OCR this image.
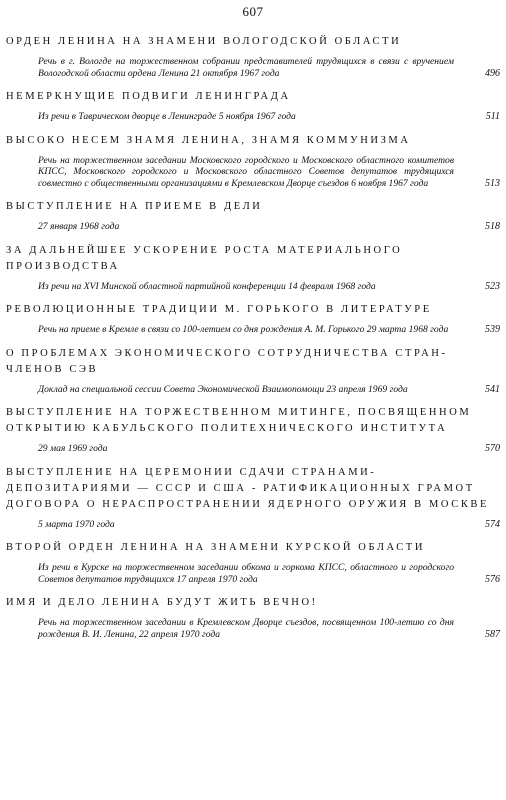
607
ОРДЕН ЛЕНИНА НА ЗНАМЕНИ ВОЛОГОДСКОЙ ОБЛАСТИ
Речь в г. Вологде на торжественном собрании представителей трудящихся в связи с вручением Вологодской области ордена Ленина 21 октября 1967 года	496
НЕМЕРКНУЩИЕ ПОДВИГИ ЛЕНИНГРАДА
Из речи в Таврическом дворце в Ленинграде 5 ноября 1967 года	511
ВЫСОКО НЕСЕМ ЗНАМЯ ЛЕНИНА, ЗНАМЯ КОММУНИЗМА
Речь на торжественном заседании Московского городского и Московского областного комитетов КПСС, Московского городского и Московского областного Советов депутатов трудящихся совместно с общественными организациями в Кремлевском Дворце съездов 6 ноября 1967 года	513
ВЫСТУПЛЕНИЕ НА ПРИЕМЕ В ДЕЛИ
27 января 1968 года	518
ЗА ДАЛЬНЕЙШЕЕ УСКОРЕНИЕ РОСТА МАТЕРИАЛЬНОГО ПРОИЗВОДСТВА
Из речи на XVI Минской областной партийной конференции 14 февраля 1968 года	523
РЕВОЛЮЦИОННЫЕ ТРАДИЦИИ М. ГОРЬКОГО В ЛИТЕРАТУРЕ
Речь на приеме в Кремле в связи со 100-летием со дня рождения А. М. Горького 29 марта 1968 года	539
О ПРОБЛЕМАХ ЭКОНОМИЧЕСКОГО СОТРУДНИЧЕСТВА СТРАН-ЧЛЕНОВ СЭВ
Доклад на специальной сессии Совета Экономической Взаимопомощи 23 апреля 1969 года	541
ВЫСТУПЛЕНИЕ НА ТОРЖЕСТВЕННОМ МИТИНГЕ, ПОСВЯЩЕННОМ ОТКРЫТИЮ КАБУЛЬСКОГО ПОЛИТЕХНИЧЕСКОГО ИНСТИТУТА
29 мая 1969 года	570
ВЫСТУПЛЕНИЕ НА ЦЕРЕМОНИИ СДАЧИ СТРАНАМИ-ДЕПОЗИТАРИЯМИ — СССР И США - РАТИФИКАЦИОННЫХ ГРАМОТ ДОГОВОРА О НЕРАСПРОСТРАНЕНИИ ЯДЕРНОГО ОРУЖИЯ В МОСКВЕ
5 марта 1970 года	574
ВТОРОЙ ОРДЕН ЛЕНИНА НА ЗНАМЕНИ КУРСКОЙ ОБЛАСТИ
Из речи в Курске на торжественном заседании обкома и горкома КПСС, областного и городского Советов депутатов трудящихся 17 апреля 1970 года	576
ИМЯ И ДЕЛО ЛЕНИНА БУДУТ ЖИТЬ ВЕЧНО!
Речь на торжественном заседании в Кремлевском Дворце съездов, посвященном 100-летию со дня рождения В. И. Ленина, 22 апреля 1970 года	587
